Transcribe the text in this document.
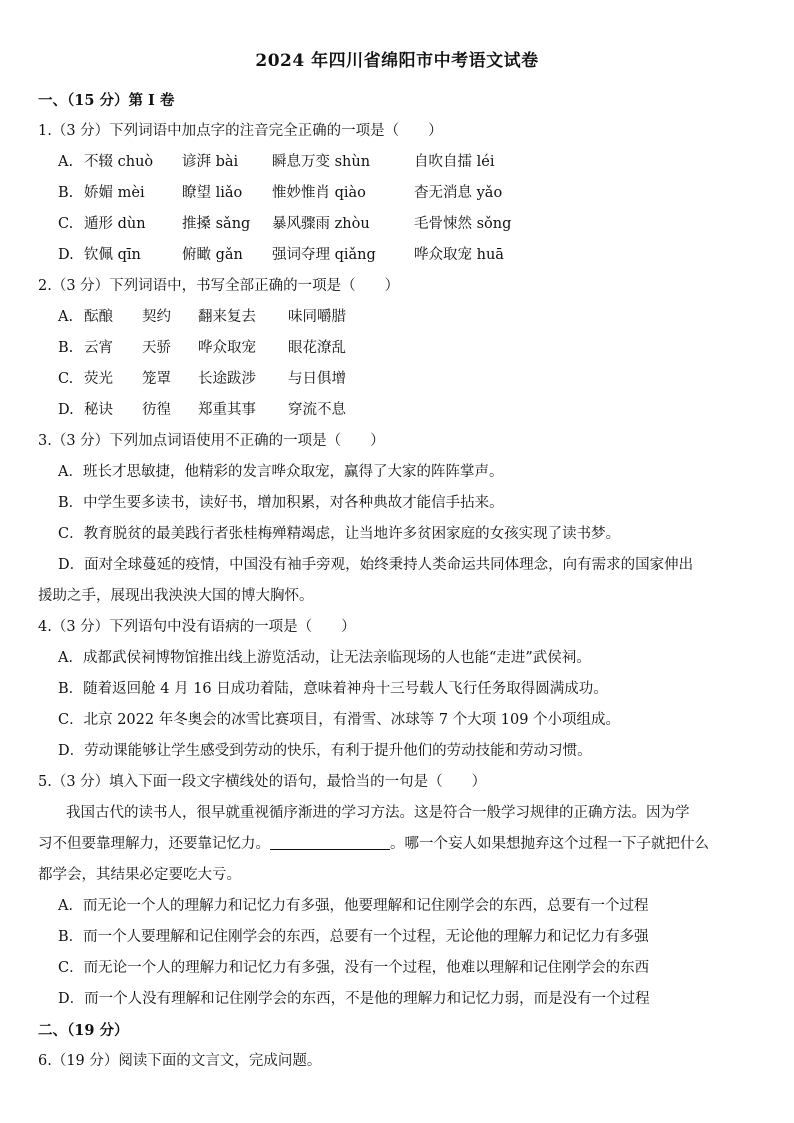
2024 年四川省绵阳市中考语文试卷
一、（15 分）第 I 卷
1.（3 分）下列词语中加点字的注音完全正确的一项是（　　）
A. 不辍 chuò 谚湃 bài 瞬息万变 shùn	自吹自擂 léi
B. 娇媚 mèi	瞭望 liǎo 惟妙惟肖 qiào	杳无消息 yǎo
C. 遁形 dùn	推搡 sǎng 暴风骤雨 zhòu	毛骨悚然 sǒng
D. 钦佩 qīn	俯瞰 gǎn 强词夺理 qiǎng	哗众取宠 huā
2.（3 分）下列词语中，书写全部正确的一项是（　　）
A. 酝酿 契约 翻来复去 味同嚼腊
B. 云宵 天骄 哗众取宠 眼花潦乱
C. 荧光 笼罩 长途跋涉 与日俱增
D. 秘诀 彷徨 郑重其事 穿流不息
3.（3 分）下列加点词语使用不正确的一项是（　　）
A．班长才思敏捷，他精彩的发言哗众取宠，赢得了大家的阵阵掌声。
B．中学生要多读书，读好书，增加积累，对各种典故才能信手拈来。
C．教育脱贫的最美践行者张桂梅殚精竭虑，让当地许多贫困家庭的女孩实现了读书梦。
D．面对全球蔓延的疫情，中国没有袖手旁观，始终秉持人类命运共同体理念，向有需求的国家伸出
援助之手，展现出我泱泱大国的博大胸怀。
4.（3 分）下列语句中没有语病的一项是（　　）
A．成都武侯祠博物馆推出线上游览活动，让无法亲临现场的人也能“走进”武侯祠。
B．随着返回舱 4 月 16 日成功着陆，意味着神舟十三号载人飞行任务取得圆满成功。
C．北京 2022 年冬奥会的冰雪比赛项目，有滑雪、冰球等 7 个大项 109 个小项组成。
D．劳动课能够让学生感受到劳动的快乐，有利于提升他们的劳动技能和劳动习惯。
5.（3 分）填入下面一段文字横线处的语句，最恰当的一句是（　　）
我国古代的读书人，很早就重视循序渐进的学习方法。这是符合一般学习规律的正确方法。因为学
习不但要靠理解力，还要靠记忆力。	。哪一个妄人如果想抛弃这个过程一下子就把什么
都学会，其结果必定要吃大亏。
A．而无论一个人的理解力和记忆力有多强，他要理解和记住刚学会的东西，总要有一个过程
B．而一个人要理解和记住刚学会的东西，总要有一个过程，无论他的理解力和记忆力有多强
C．而无论一个人的理解力和记忆力有多强，没有一个过程，他难以理解和记住刚学会的东西
D．而一个人没有理解和记住刚学会的东西，不是他的理解力和记忆力弱，而是没有一个过程
二、（19 分）
6.（19 分）阅读下面的文言文，完成问题。
